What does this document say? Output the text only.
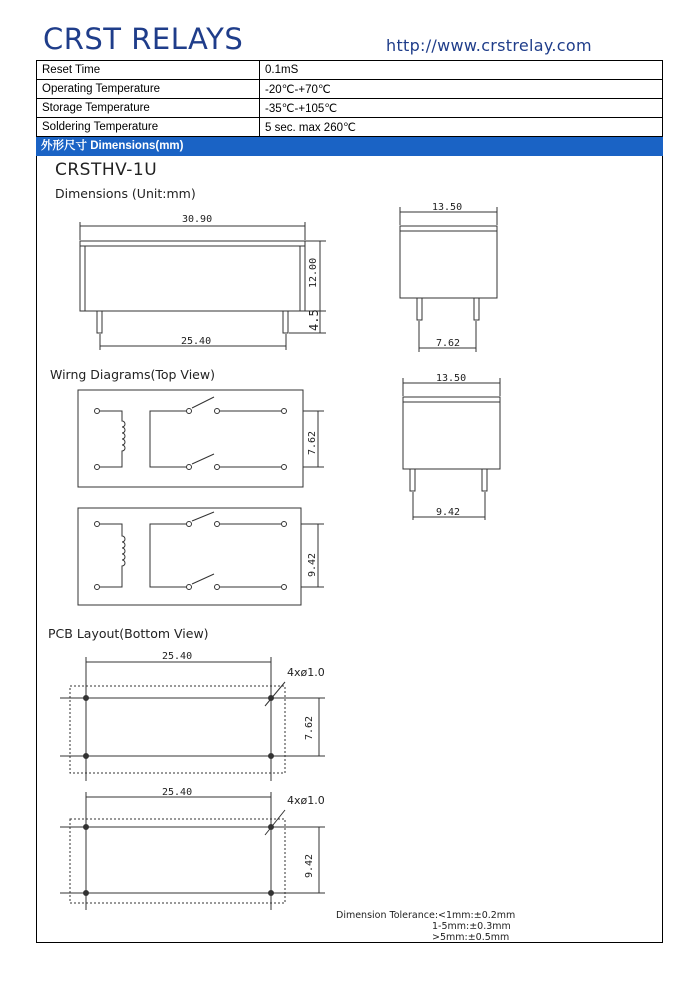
CRST RELAYS	http://www.crstrelay.com
Reset Time	0.1mS
Operating Temperature	-20℃-+70℃
Storage Temperature	-35℃-+105℃
Soldering Temperature	5 sec. max 260℃
外形尺寸 Dimensions(mm)
CRSTHV-1U
Dimensions (Unit:mm)
Wirng Diagrams(Top View)
PCB Layout(Bottom View)
30.90
12.00
4.5
25.40
13.50
7.62
13.50
9.42
7.62
9.42
25.40
4xø1.0
7.62
25.40
4xø1.0
9.42
Dimension Tolerance:<1mm:±0.2mm
1-5mm:±0.3mm
>5mm:±0.5mm
